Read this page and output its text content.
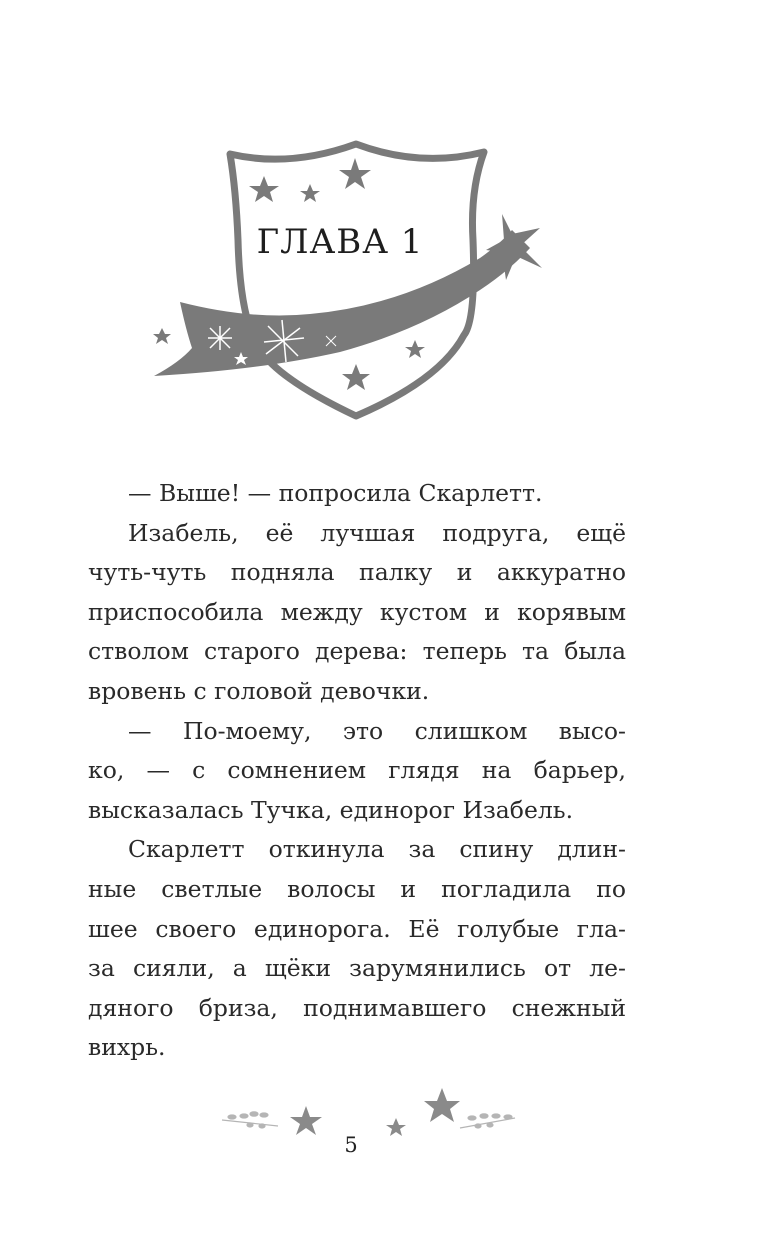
ГЛАВА 1
— Выше! — попросила Скарлетт.
Изабель, её лучшая подруга, ещё
чуть-чуть подняла палку и аккуратно
приспособила между кустом и корявым
стволом старого дерева: теперь та была
вровень с головой девочки.
— По-моему, это слишком высо-
ко, — с сомнением глядя на барьер,
высказалась Тучка, единорог Изабель.
Скарлетт откинула за спину длин-
ные светлые волосы и погладила по
шее своего единорога. Её голубые гла-
за сияли, а щёки зарумянились от ле-
дяного бриза, поднимавшего снежный
вихрь.
5
